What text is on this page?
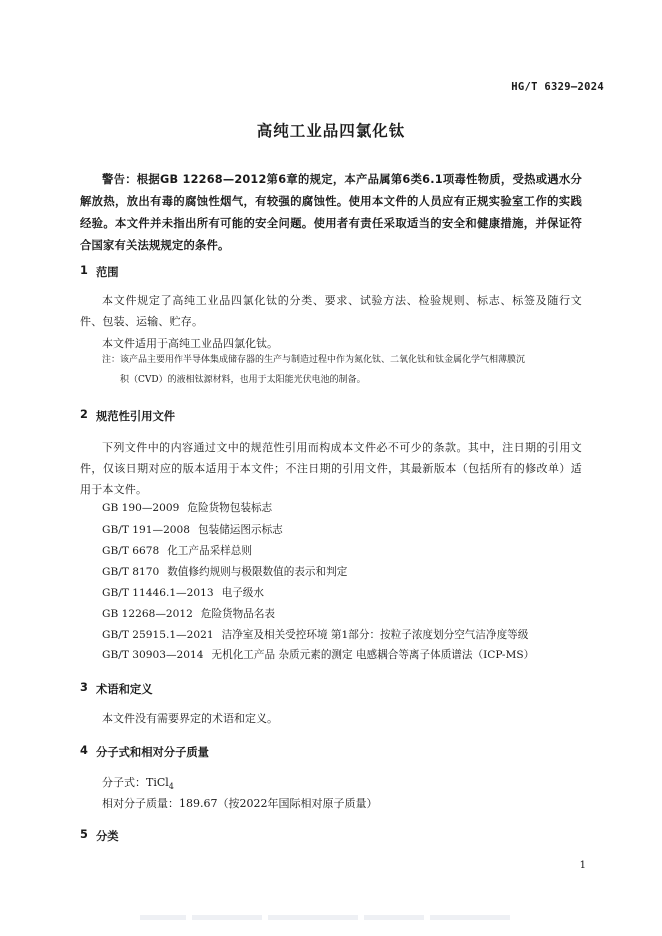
HG/T 6329—2024
高纯工业品四氯化钛
警告：根据GB 12268—2012第6章的规定，本产品属第6类6.1项毒性物质，受热或遇水分解放热，放出有毒的腐蚀性烟气，有较强的腐蚀性。使用本文件的人员应有正规实验室工作的实践经验。本文件并未指出所有可能的安全问题。使用者有责任采取适当的安全和健康措施，并保证符合国家有关法规规定的条件。
1 范围
本文件规定了高纯工业品四氯化钛的分类、要求、试验方法、检验规则、标志、标签及随行文件、包装、运输、贮存。
本文件适用于高纯工业品四氯化钛。
注：该产品主要用作半导体集成储存器的生产与制造过程中作为氮化钛、二氧化钛和钛金属化学气相薄膜沉
积（CVD）的液相钛源材料，也用于太阳能光伏电池的制备。
2 规范性引用文件
下列文件中的内容通过文中的规范性引用而构成本文件必不可少的条款。其中，注日期的引用文件，仅该日期对应的版本适用于本文件；不注日期的引用文件，其最新版本（包括所有的修改单）适用于本文件。
GB 190—2009 危险货物包装标志
GB/T 191—2008 包装储运图示标志
GB/T 6678 化工产品采样总则
GB/T 8170 数值修约规则与极限数值的表示和判定
GB/T 11446.1—2013 电子级水
GB 12268—2012 危险货物品名表
GB/T 25915.1—2021 洁净室及相关受控环境 第1部分：按粒子浓度划分空气洁净度等级
GB/T 30903—2014 无机化工产品 杂质元素的测定 电感耦合等离子体质谱法（ICP-MS）
3 术语和定义
本文件没有需要界定的术语和定义。
4 分子式和相对分子质量
分子式：TiCl$_4$
相对分子质量：189.67（按2022年国际相对原子质量）
5 分类
1
